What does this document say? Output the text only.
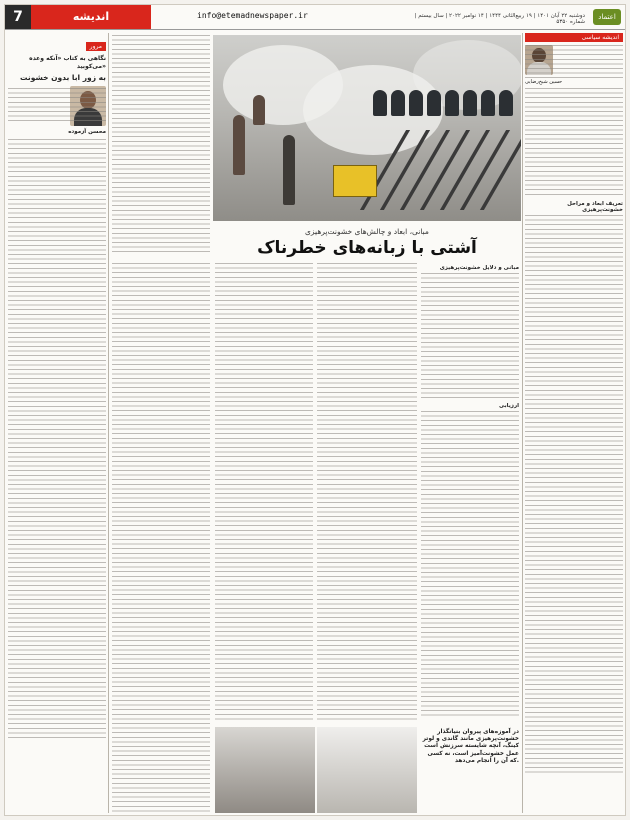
7	اندیشه	info@etemadnewspaper.ir	دوشنبه ۲۲ آبان ۱۴۰۱ | ۱۹ ربیع‌الثانی ۱۴۴۴ | ۱۴ نوامبر ۲۰۲۲ | سال بیستم | شماره ۵۳۵۰
اعتماد
مرور
نگاهی به کتاب «آنکه وعده می‌کوبید»
به زور ابا بدون خشونت
محسن آزموده
مبانی، ابعاد و چالش‌های خشونت‌پرهیزی
آشتی با زبانه‌های خطرناک
اندیشه سیاسی
حسین شیخ‌رضایی
تعریف ابعاد و مراحل خشونت‌پرهیزی
مبانی و دلایل خشونت‌پرهیزی
ارزیابی
در آموزه‌های پیروان بنیانگذار خشونت‌پرهیزی مانند گاندی و لوتر کینگ، آنچه شایسته سرزنش است عمل خشونت‌آمیز است، نه کسی که آن را انجام می‌دهد.
